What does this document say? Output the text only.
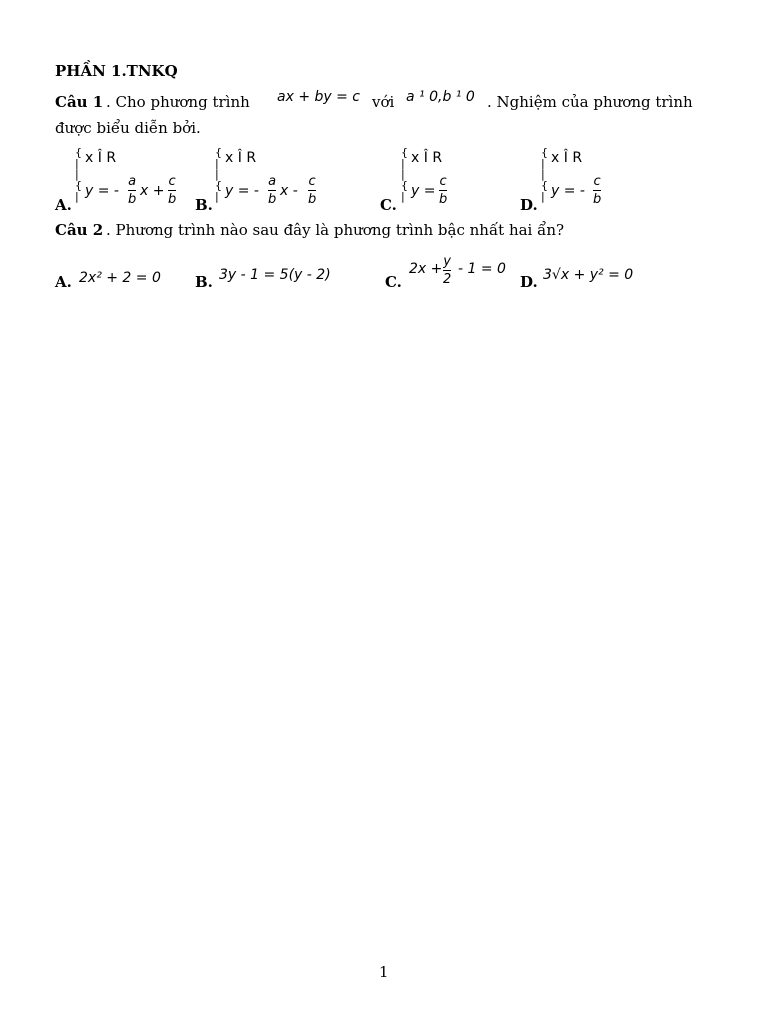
PHẦN 1.TNKQ
Câu 1 . Cho phương trình ax + by = c với a ¹ 0,b ¹ 0 . Nghiệm của phương trình
được biểu diễn bởi.
A.
{
|
|
{
|
x Î R
y = -
a
b
x +
c
b B.
{
|
|
{
|
x Î R
y = -
a
b
x -
c
b	C.
{
|
|
{
|
x Î R
y =
c
b	D.
{
|
|
{
|
x Î R
y = -
c
b
Câu 2 . Phương trình nào sau đây là phương trình bậc nhất hai ẩn?
A. 2x² + 2 = 0 B. 3y - 1 = 5(y - 2)	C.
2x + y
2
- 1 = 0
D. 3√x + y² = 0
1
